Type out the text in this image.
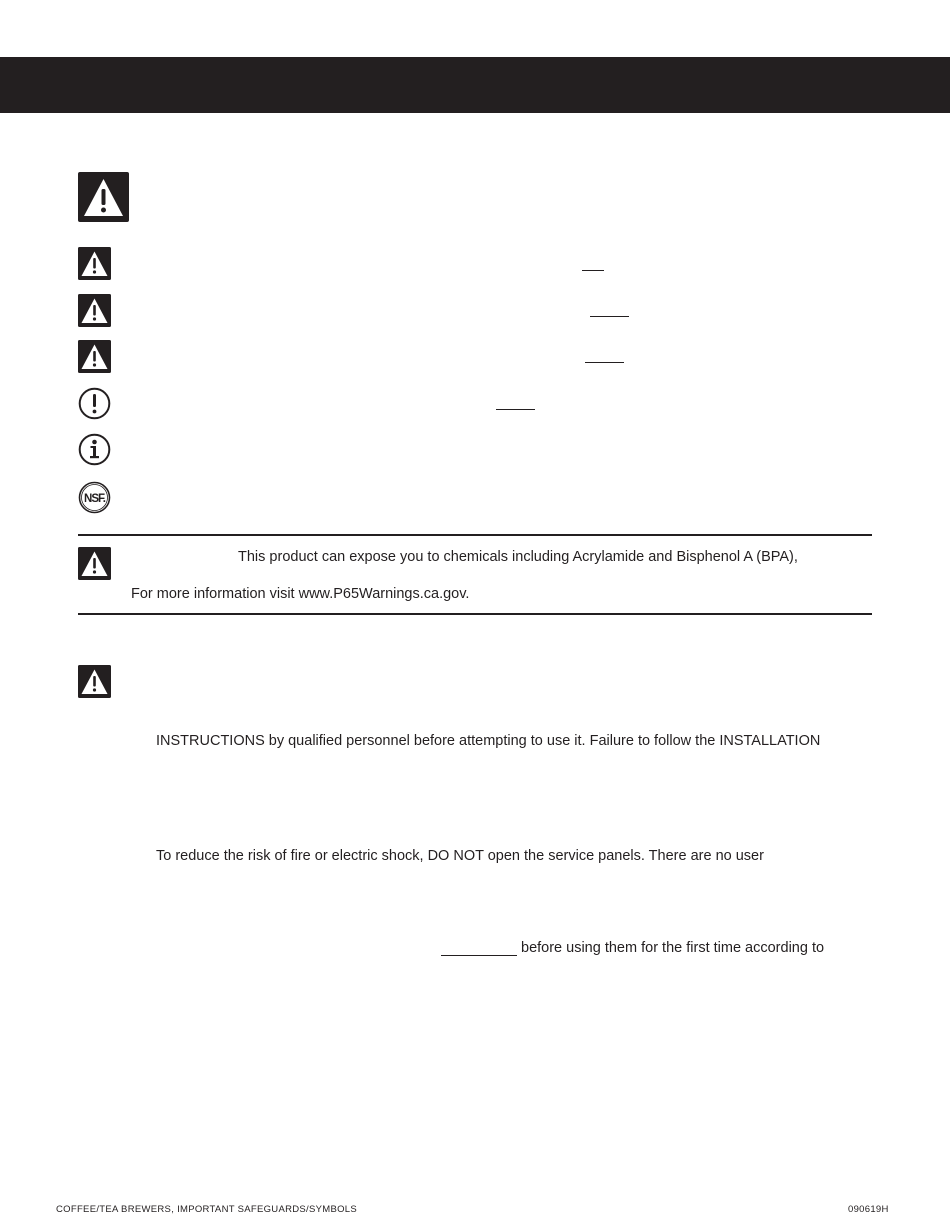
NSF.
This product can expose you to chemicals including Acrylamide and Bisphenol A (BPA),
For more information visit www.P65Warnings.ca.gov.
INSTRUCTIONS by qualified personnel before attempting to use it. Failure to follow the INSTALLATION
To reduce the risk of fire or electric shock, DO NOT open the service panels. There are no user
before using them for the first time according to
COFFEE/TEA BREWERS, IMPORTANT SAFEGUARDS/SYMBOLS	090619H
